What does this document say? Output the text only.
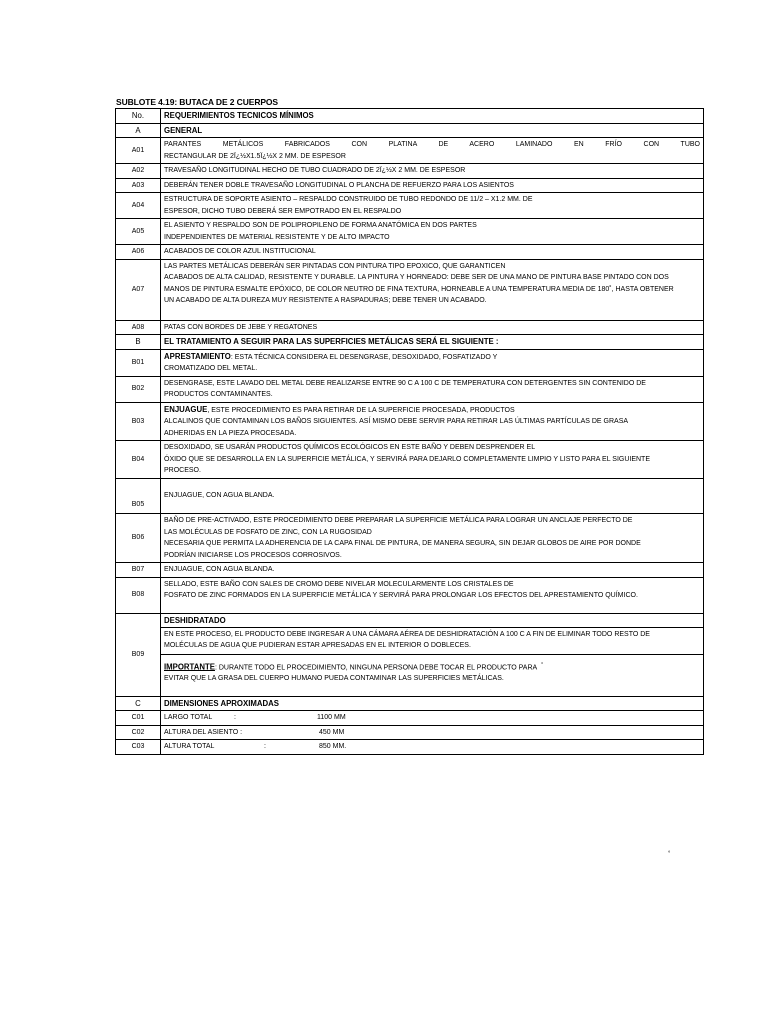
SUBLOTE 4.19: BUTACA DE 2 CUERPOS
No.	REQUERIMIENTOS TECNICOS MÍNIMOS
A	GENERAL
A01	PARANTES METÁLICOS FABRICADOS CON PLATINA DE ACERO LAMINADO EN FRÍO CON TUBO
RECTANGULAR DE 2Ï¿½X1.5Ï¿½X 2 MM. DE ESPESOR

A02	TRAVESAÑO LONGITUDINAL HECHO DE TUBO CUADRADO DE 2Ï¿½X 2 MM. DE ESPESOR

A03	DEBERÁN TENER DOBLE TRAVESAÑO LONGITUDINAL O PLANCHA DE REFUERZO PARA LOS ASIENTOS

A04	ESTRUCTURA DE SOPORTE ASIENTO – RESPALDO CONSTRUIDO DE TUBO REDONDO DE 11/2 – X1.2 MM. DE
ESPESOR, DICHO TUBO DEBERÁ SER EMPOTRADO EN EL RESPALDO

A05	EL ASIENTO Y RESPALDO SON DE POLIPROPILENO DE FORMA ANATÓMICA EN DOS PARTES
INDEPENDIENTES DE MATERIAL RESISTENTE Y DE ALTO IMPACTO

A06	ACABADOS DE COLOR AZUL INSTITUCIONAL

A07	LAS PARTES METÁLICAS DEBERÁN SER PINTADAS CON PINTURA TIPO EPOXICO, QUE GARANTICEN
ACABADOS DE ALTA CALIDAD, RESISTENTE Y DURABLE. LA PINTURA Y HORNEADO: DEBE SER DE UNA MANO DE PINTURA BASE PINTADO CON DOS
MANOS DE PINTURA ESMALTE EPÓXICO, DE COLOR NEUTRO DE FINA TEXTURA, HORNEABLE A UNA TEMPERATURA MEDIA DE 180˚, HASTA OBTENER
UN ACABADO DE ALTA DUREZA MUY RESISTENTE A RASPADURAS; DEBE TENER UN ACABADO.

A08	PATAS CON BORDES DE JEBE Y REGATONES

B	EL TRATAMIENTO A SEGUIR PARA LAS SUPERFICIES METÁLICAS SERÁ EL SIGUIENTE :
B01	APRESTAMIENTO: ESTA TÉCNICA CONSIDERA EL DESENGRASE, DESOXIDADO, FOSFATIZADO Y
CROMATIZADO DEL METAL.

B02	DESENGRASE, ESTE LAVADO DEL METAL DEBE REALIZARSE ENTRE 90 C A 100 C DE TEMPERATURA CON DETERGENTES SIN CONTENIDO DE
PRODUCTOS CONTAMINANTES.

B03	ENJUAGUE, ESTE PROCEDIMIENTO ES PARA RETIRAR DE LA SUPERFICIE PROCESADA, PRODUCTOS
ALCALINOS QUE CONTAMINAN LOS BAÑOS SIGUIENTES. ASÍ MISMO DEBE SERVIR PARA RETIRAR LAS ÚLTIMAS PARTÍCULAS DE GRASA
ADHERIDAS EN LA PIEZA PROCESADA.

B04	DESOXIDADO, SE USARÁN PRODUCTOS QUÍMICOS ECOLÓGICOS EN ESTE BAÑO Y DEBEN DESPRENDER EL
ÓXIDO QUE SE DESARROLLA EN LA SUPERFICIE METÁLICA, Y SERVIRÁ PARA DEJARLO COMPLETAMENTE LIMPIO Y LISTO PARA EL SIGUIENTE
PROCESO.

B05	ENJUAGUE, CON AGUA BLANDA.

B06	BAÑO DE PRE-ACTIVADO, ESTE PROCEDIMIENTO DEBE PREPARAR LA SUPERFICIE METÁLICA PARA LOGRAR UN ANCLAJE PERFECTO DE
LAS MOLÉCULAS DE FOSFATO DE ZINC, CON LA RUGOSIDAD
NECESARIA QUE PERMITA LA ADHERENCIA DE LA CAPA FINAL DE PINTURA, DE MANERA SEGURA, SIN DEJAR GLOBOS DE AIRE POR DONDE
PODRÍAN INICIARSE LOS PROCESOS CORROSIVOS.

B07	ENJUAGUE, CON AGUA BLANDA.

B08	SELLADO, ESTE BAÑO CON SALES DE CROMO DEBE NIVELAR MOLECULARMENTE LOS CRISTALES DE
FOSFATO DE ZINC FORMADOS EN LA SUPERFICIE METÁLICA Y SERVIRÁ PARA PROLONGAR LOS EFECTOS DEL APRESTAMIENTO QUÍMICO.

B09	DESHIDRATADO
EN ESTE PROCESO, EL PRODUCTO DEBE INGRESAR A UNA CÁMARA AÉREA DE DESHIDRATACIÓN A 100 C A FIN DE ELIMINAR TODO RESTO DE
MOLÉCULAS DE AGUA QUE PUDIERAN ESTAR APRESADAS EN EL INTERIOR O DOBLECES.
IMPORTANTE: DURANTE TODO EL PROCEDIMIENTO, NINGUNA PERSONA DEBE TOCAR EL PRODUCTO PARA °
EVITAR QUE LA GRASA DEL CUERPO HUMANO PUEDA CONTAMINAR LAS SUPERFICIES METÁLICAS.

C	DIMENSIONES APROXIMADAS
C01	LARGO TOTAL : 1100 MM
C02	ALTURA DEL ASIENTO : 450 MM
C03	ALTURA TOTAL : 850 MM.
°
